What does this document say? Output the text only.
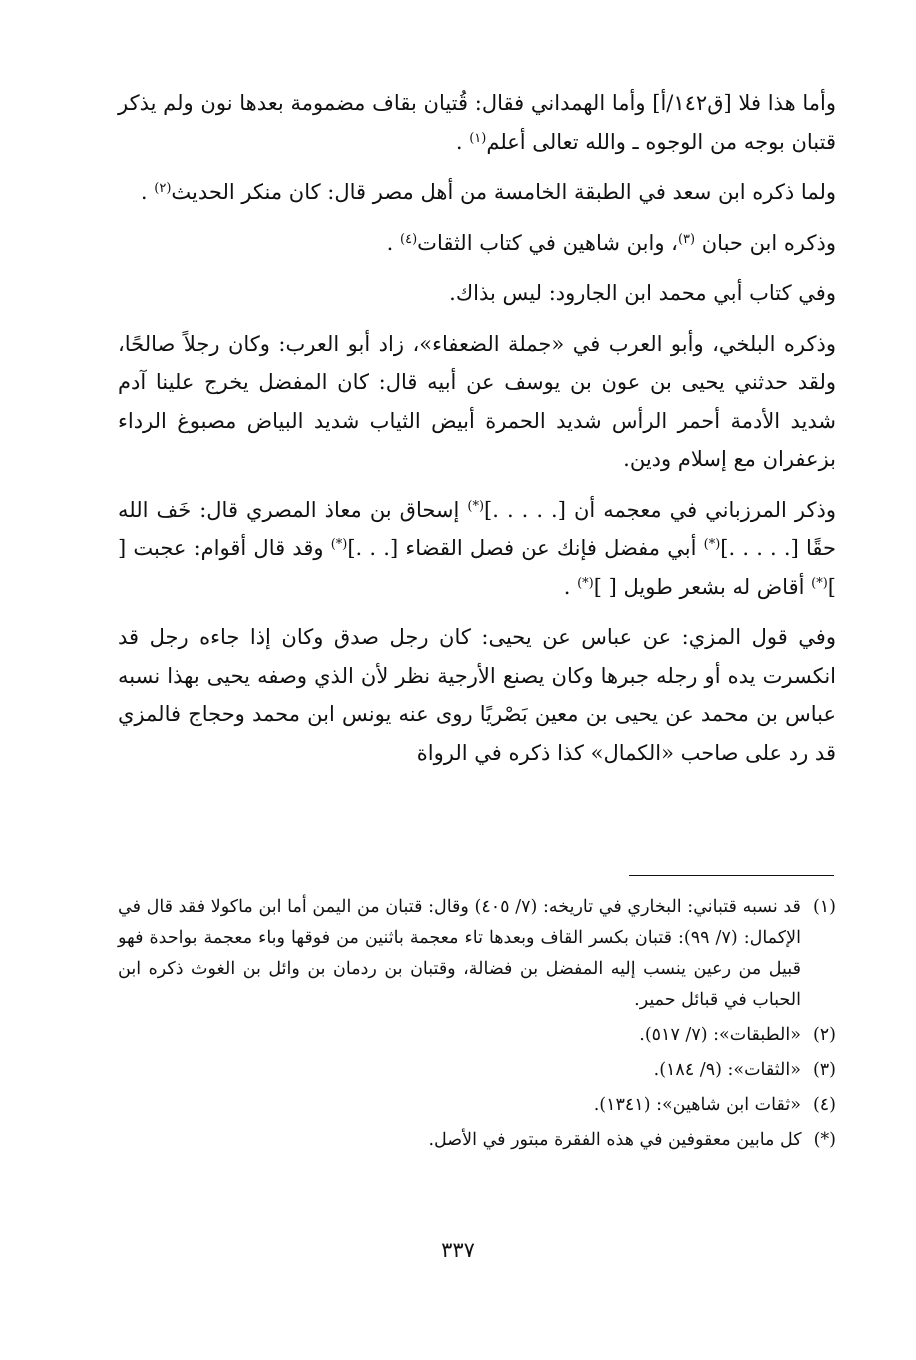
وأما هذا فلا [ق١٤٢/أ] وأما الهمداني فقال: قُتيان بقاف مضمومة بعدها نون ولم يذكر قتبان بوجه من الوجوه ـ والله تعالى أعلم$^{(١)}$ .

ولما ذكره ابن سعد في الطبقة الخامسة من أهل مصر قال: كان منكر الحديث$^{(٢)}$ .

وذكره ابن حبان $^{(٣)}$، وابن شاهين في كتاب الثقات$^{(٤)}$ .

وفي كتاب أبي محمد ابن الجارود: ليس بذاك.

وذكره البلخي، وأبو العرب في «جملة الضعفاء»، زاد أبو العرب: وكان رجلاً صالحًا، ولقد حدثني يحيى بن عون بن يوسف عن أبيه قال: كان المفضل يخرج علينا آدم شديد الأدمة أحمر الرأس شديد الحمرة أبيض الثياب شديد البياض مصبوغ الرداء بزعفران مع إسلام ودين.

وذكر المرزباني في معجمه أن [. . . . .](*) إسحاق بن معاذ المصري قال: خَف الله حقًا [. . . . .](*) أبي مفضل فإنك عن فصل القضاء [. . .](*) وقد قال أقوام: عجبت [ ](*) أقاض له بشعر طويل [ ](*) .

وفي قول المزي: عن عباس عن يحيى: كان رجل صدق وكان إذا جاءه رجل قد انكسرت يده أو رجله جبرها وكان يصنع الأرجية نظر لأن الذي وصفه يحيى بهذا نسبه عباس بن محمد عن يحيى بن معين بَصْريًا روى عنه يونس ابن محمد وحجاج فالمزي قد رد على صاحب «الكمال» كذا ذكره في الرواة

(١)
قد نسبه قتباني: البخاري في تاريخه: (٧/ ٤٠٥) وقال: قتبان من اليمن أما ابن ماكولا فقد قال في الإكمال: (٧/ ٩٩): قتبان بكسر القاف وبعدها تاء معجمة باثنين من فوقها وباء معجمة بواحدة فهو قبيل من رعين ينسب إليه المفضل بن فضالة، وقتبان بن ردمان بن وائل بن الغوث ذكره ابن الحباب في قبائل حمير.
(٢)
«الطبقات»: (٧/ ٥١٧).
(٣)
«الثقات»: (٩/ ١٨٤).
(٤)
«ثقات ابن شاهين»: (١٣٤١).
(*)
كل مابين معقوفين في هذه الفقرة مبتور في الأصل.
٣٣٧
